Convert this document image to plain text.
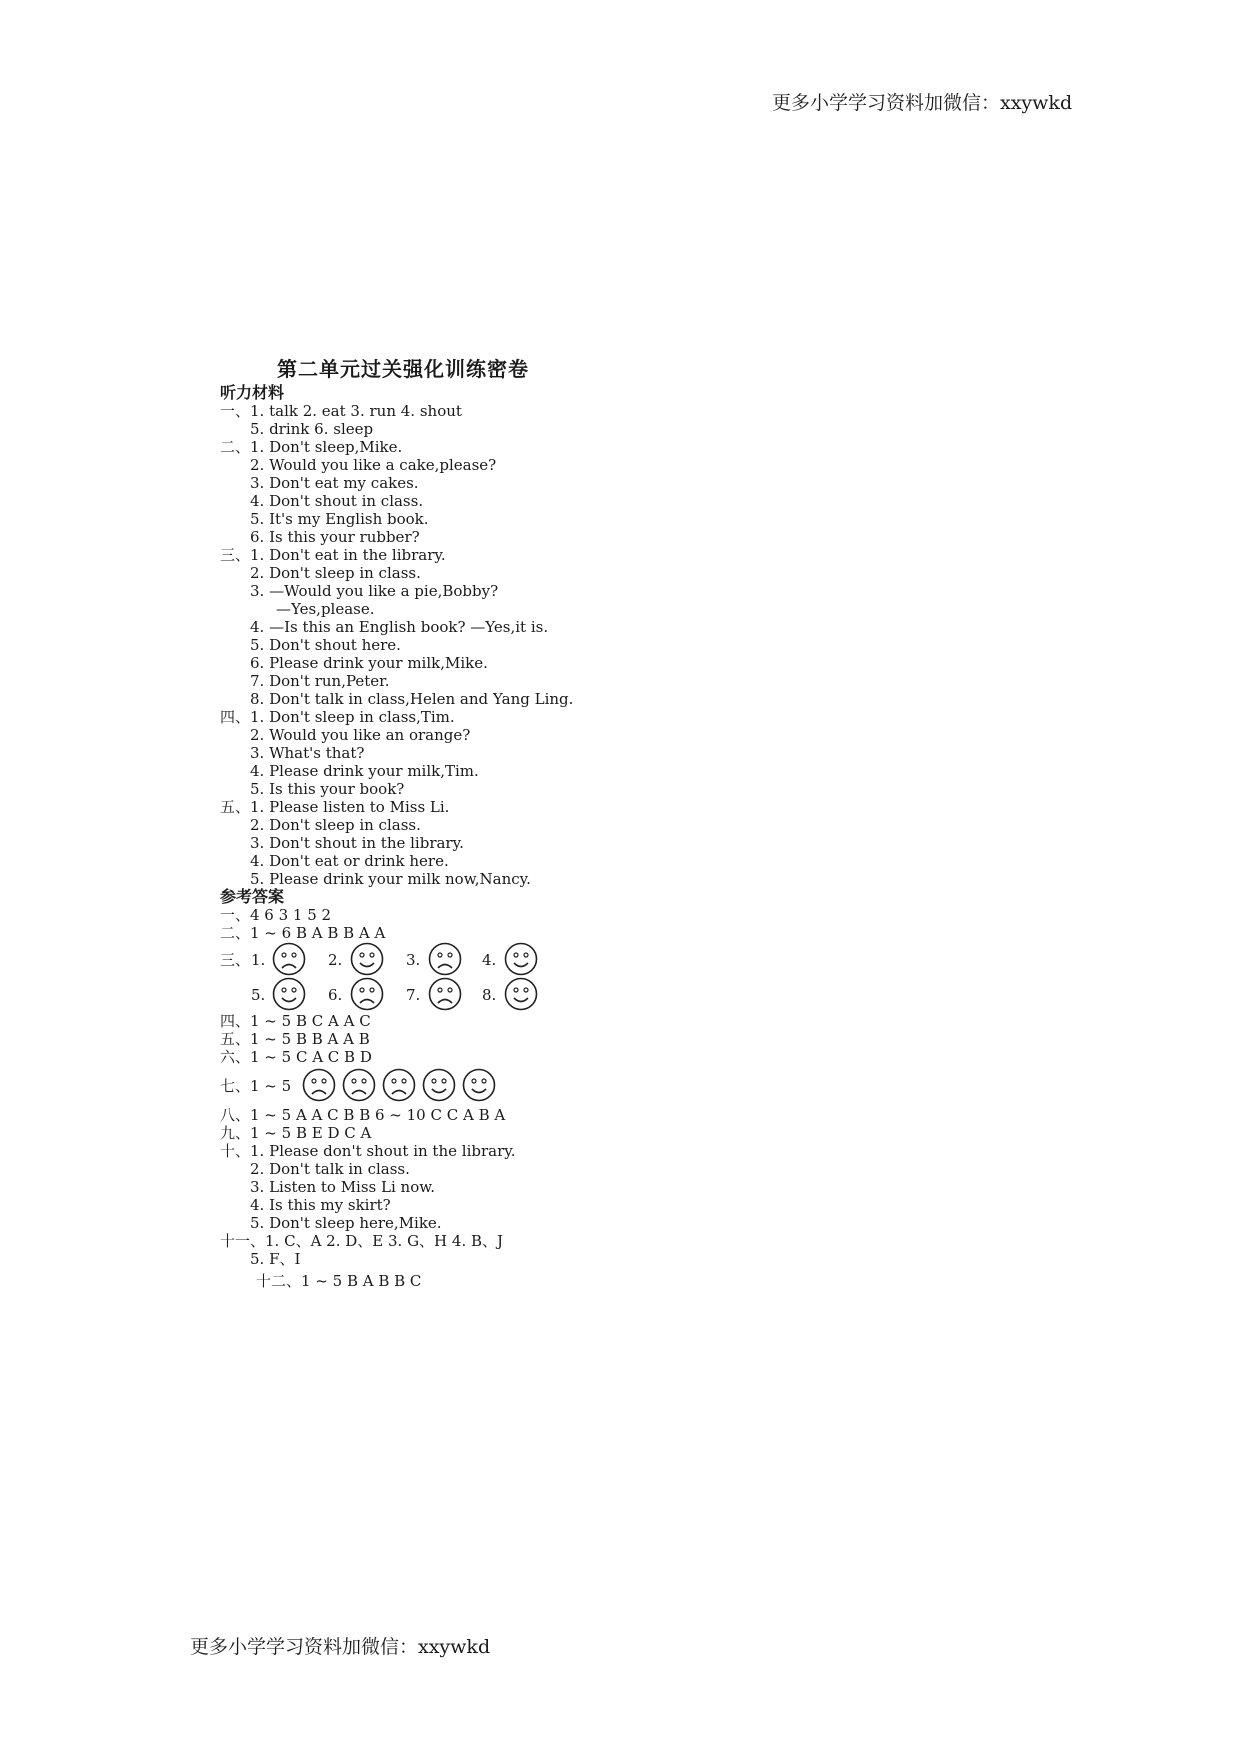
更多小学学习资料加微信：xxywkd
第二单元过关强化训练密卷
听力材料
一、1. talk 2. eat 3. run 4. shout
5. drink 6. sleep
二、1. Don't sleep,Mike.
2. Would you like a cake,please?
3. Don't eat my cakes.
4. Don't shout in class.
5. It's my English book.
6. Is this your rubber?
三、1. Don't eat in the library.
2. Don't sleep in class.
3. —Would you like a pie,Bobby?
—Yes,please.
4. —Is this an English book? —Yes,it is.
5. Don't shout here.
6. Please drink your milk,Mike.
7. Don't run,Peter.
8. Don't talk in class,Helen and Yang Ling.
四、1. Don't sleep in class,Tim.
2. Would you like an orange?
3. What's that?
4. Please drink your milk,Tim.
5. Is this your book?
五、1. Please listen to Miss Li.
2. Don't sleep in class.
3. Don't shout in the library.
4. Don't eat or drink here.
5. Please drink your milk now,Nancy.
参考答案
一、4 6 3 1 5 2
二、1 ~ 6 B A B B A A
三、 1.	2.	3.	4.
5.	6.	7.	8.
四、1 ~ 5 B C A A C
五、1 ~ 5 B B A A B
六、1 ~ 5 C A C B D
七、1 ~ 5
八、1 ~ 5 A A C B B 6 ~ 10 C C A B A
九、1 ~ 5 B E D C A
十、1. Please don't shout in the library.
2. Don't talk in class.
3. Listen to Miss Li now.
4. Is this my skirt?
5. Don't sleep here,Mike.
十一、1. C、A 2. D、E 3. G、H 4. B、J
5. F、I
十二、1 ~ 5 B A B B C
更多小学学习资料加微信：xxywkd
